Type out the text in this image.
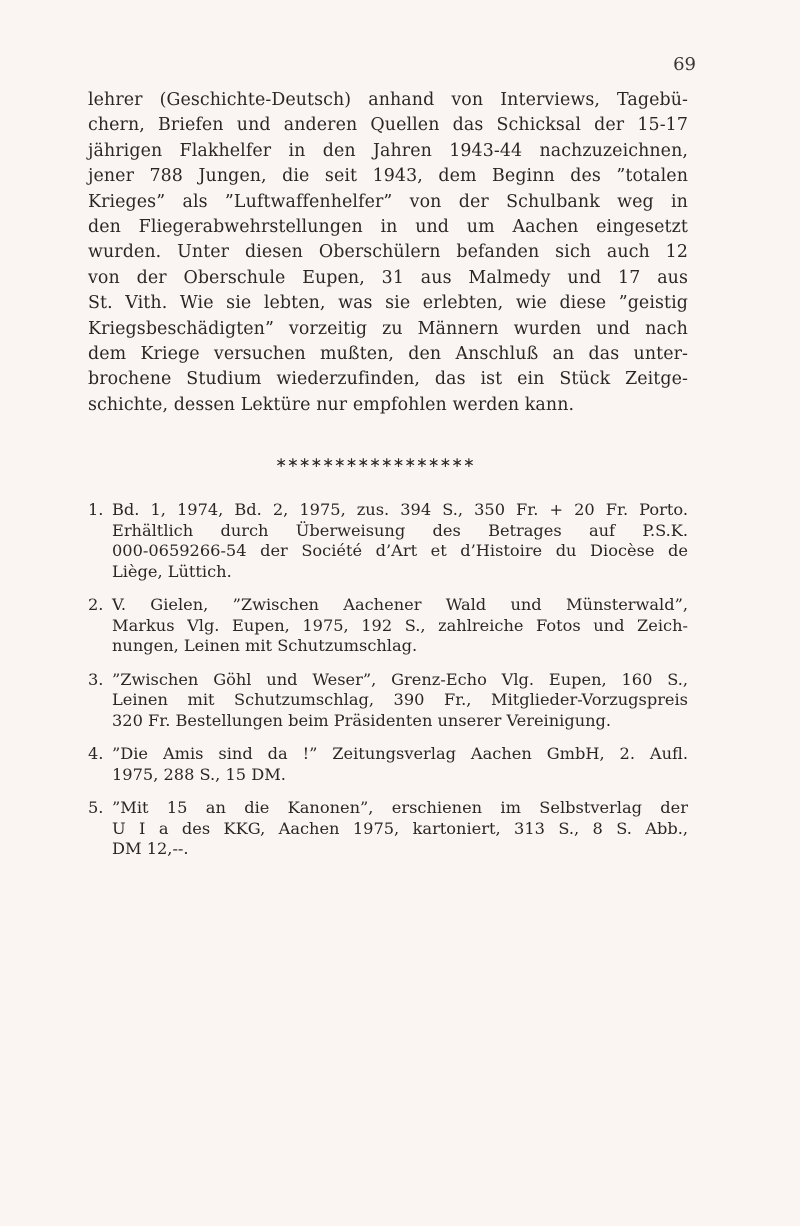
69
lehrer (Geschichte-Deutsch) anhand von Interviews, Tagebü-
chern, Briefen und anderen Quellen das Schicksal der 15-17
jährigen Flakhelfer in den Jahren 1943-44 nachzuzeichnen,
jener 788 Jungen, die seit 1943, dem Beginn des ”totalen
Krieges” als ”Luftwaffenhelfer” von der Schulbank weg in
den Fliegerabwehrstellungen in und um Aachen eingesetzt
wurden. Unter diesen Oberschülern befanden sich auch 12
von der Oberschule Eupen, 31 aus Malmedy und 17 aus
St. Vith. Wie sie lebten, was sie erlebten, wie diese ”geistig
Kriegsbeschädigten” vorzeitig zu Männern wurden und nach
dem Kriege versuchen mußten, den Anschluß an das unter-
brochene Studium wiederzufinden, das ist ein Stück Zeitge-
schichte, dessen Lektüre nur empfohlen werden kann.
∗∗∗∗∗∗∗∗∗∗∗∗∗∗∗∗∗
1. Bd. 1, 1974, Bd. 2, 1975, zus. 394 S., 350 Fr. + 20 Fr. Porto.
Erhältlich durch Überweisung des Betrages auf P.S.K.
000-0659266-54 der Société d’Art et d’Histoire du Diocèse de
Liège, Lüttich.
2. V. Gielen, ”Zwischen Aachener Wald und Münsterwald”,
Markus Vlg. Eupen, 1975, 192 S., zahlreiche Fotos und Zeich-
nungen, Leinen mit Schutzumschlag.
3. ”Zwischen Göhl und Weser”, Grenz-Echo Vlg. Eupen, 160 S.,
Leinen mit Schutzumschlag, 390 Fr., Mitglieder-Vorzugspreis
320 Fr. Bestellungen beim Präsidenten unserer Vereinigung.
4. ”Die Amis sind da !” Zeitungsverlag Aachen GmbH, 2. Aufl.
1975, 288 S., 15 DM.
5. ”Mit 15 an die Kanonen”, erschienen im Selbstverlag der
U I a des KKG, Aachen 1975, kartoniert, 313 S., 8 S. Abb.,
DM 12,--.
